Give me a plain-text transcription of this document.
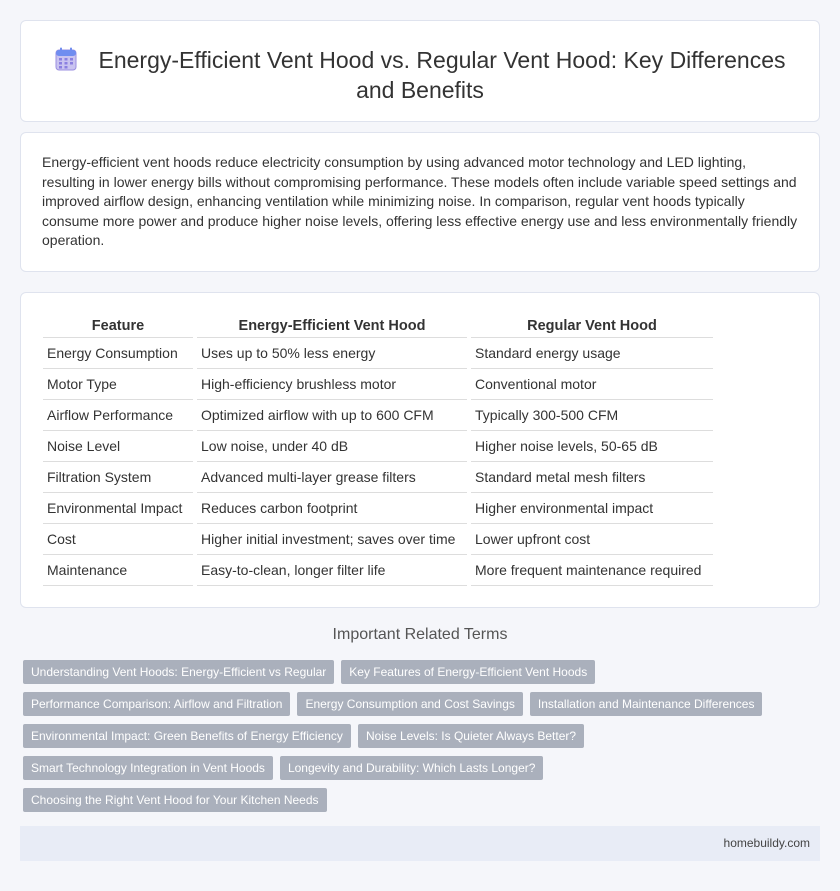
Energy-Efficient Vent Hood vs. Regular Vent Hood: Key Differences and Benefits

Energy-efficient vent hoods reduce electricity consumption by using advanced motor technology and LED lighting, resulting in lower energy bills without compromising performance. These models often include variable speed settings and improved airflow design, enhancing ventilation while minimizing noise. In comparison, regular vent hoods typically consume more power and produce higher noise levels, offering less effective energy use and less environmentally friendly operation.

Feature	Energy-Efficient Vent Hood	Regular Vent Hood
Energy Consumption	Uses up to 50% less energy	Standard energy usage
Motor Type	High-efficiency brushless motor	Conventional motor
Airflow Performance	Optimized airflow with up to 600 CFM	Typically 300-500 CFM
Noise Level	Low noise, under 40 dB	Higher noise levels, 50-65 dB
Filtration System	Advanced multi-layer grease filters	Standard metal mesh filters
Environmental Impact	Reduces carbon footprint	Higher environmental impact
Cost	Higher initial investment; saves over time	Lower upfront cost
Maintenance	Easy-to-clean, longer filter life	More frequent maintenance required
Important Related Terms
Understanding Vent Hoods: Energy-Efficient vs Regular	Key Features of Energy-Efficient Vent Hoods
Performance Comparison: Airflow and Filtration	Energy Consumption and Cost Savings	Installation and Maintenance Differences
Environmental Impact: Green Benefits of Energy Efficiency	Noise Levels: Is Quieter Always Better?
Smart Technology Integration in Vent Hoods	Longevity and Durability: Which Lasts Longer?
Choosing the Right Vent Hood for Your Kitchen Needs
homebuildy.com
